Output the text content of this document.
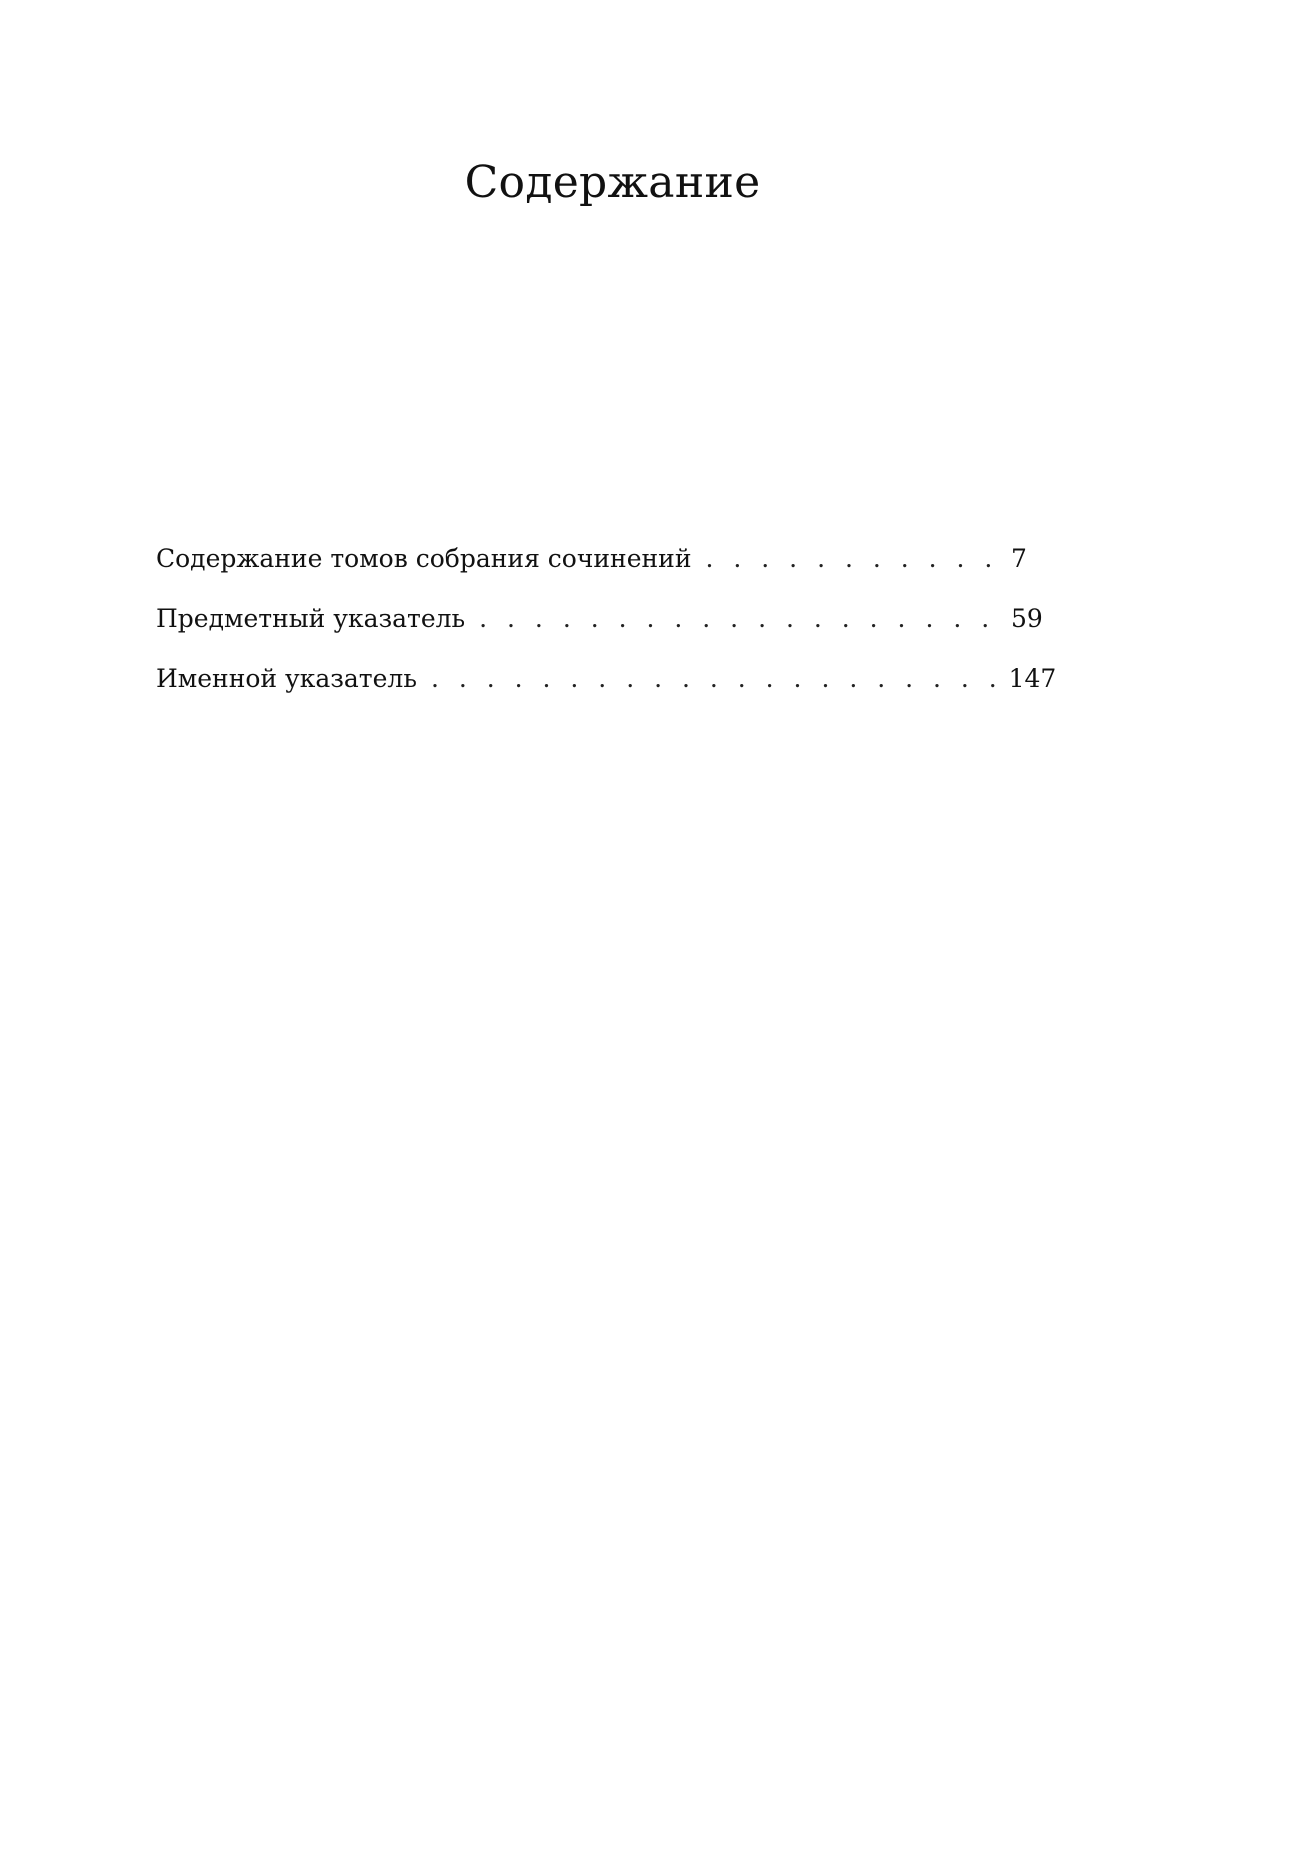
Содержание
Содержание томов собрания сочинений . . .	7
Предметный указатель . . .	59
Именной указатель . . .	147
